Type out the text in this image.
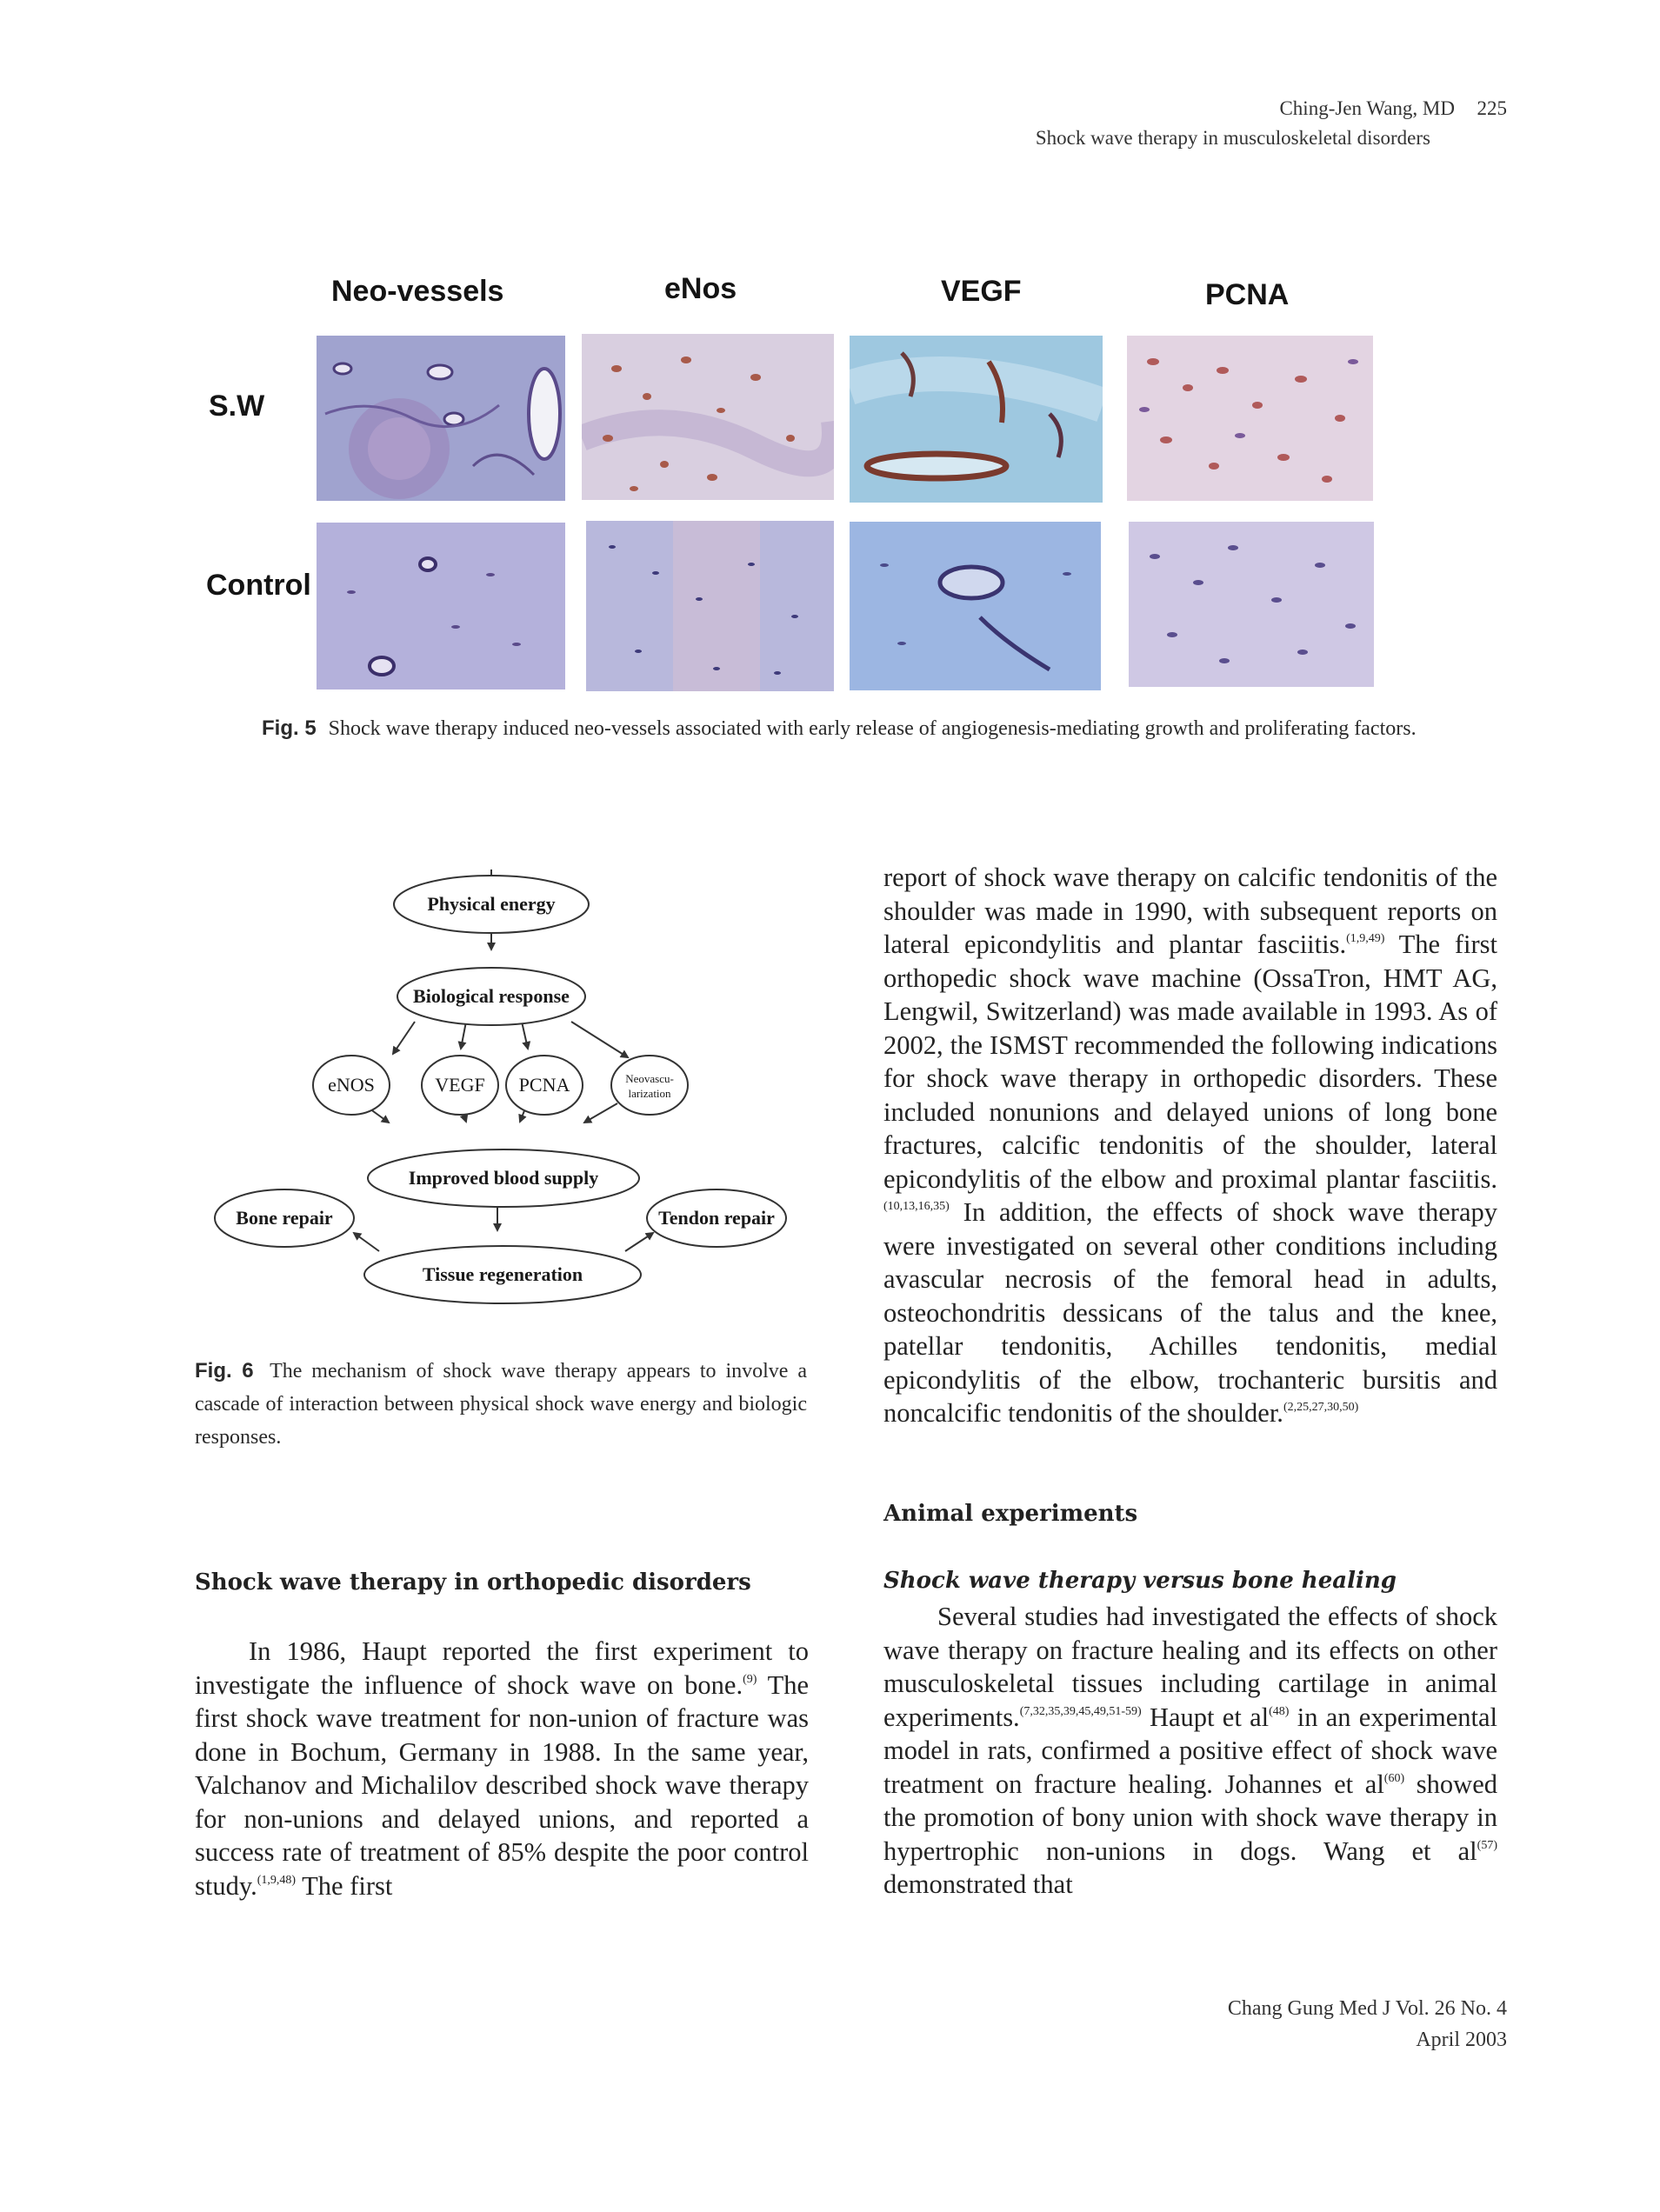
Ching-Jen Wang, MD 225
Shock wave therapy in musculoskeletal disorders
Neo-vessels	eNos	VEGF	PCNA
S.W
Control
Fig. 5 Shock wave therapy induced neo-vessels associated with early release of angiogenesis-mediating growth and proliferating factors.
Physical energy
Biological response
eNOS	VEGF PCNA	Neovascu-
larization
Improved blood supply
Bone repair	Tendon repair
Tissue regeneration
Fig. 6 The mechanism of shock wave therapy appears to involve a cascade of interaction between physical shock wave energy and biologic responses.
Shock wave therapy in orthopedic disorders

In 1986, Haupt reported the first experiment to investigate the influence of shock wave on bone.$^{(9)}$ The first shock wave treatment for non-union of fracture was done in Bochum, Germany in 1988. In the same year, Valchanov and Michalilov described shock wave therapy for non-unions and delayed unions, and reported a success rate of treatment of 85% despite the poor control study.$^{(1,9,48)}$ The first

report of shock wave therapy on calcific tendonitis of the shoulder was made in 1990, with subsequent reports on lateral epicondylitis and plantar fasciitis.$^{(1,9,49)}$ The first orthopedic shock wave machine (OssaTron, HMT AG, Lengwil, Switzerland) was made available in 1993. As of 2002, the ISMST recommended the following indications for shock wave therapy in orthopedic disorders. These included nonunions and delayed unions of long bone fractures, calcific tendonitis of the shoulder, lateral epicondylitis of the elbow and proximal plantar fasciitis.$^{(10,13,16,35)}$ In addition, the effects of shock wave therapy were investigated on several other conditions including avascular necrosis of the femoral head in adults, osteochondritis dessicans of the talus and the knee, patellar tendonitis, Achilles tendonitis, medial epicondylitis of the elbow, trochanteric bursitis and noncalcific tendonitis of the shoulder.$^{(2,25,27,30,50)}$

Animal experiments
Shock wave therapy versus bone healing

Several studies had investigated the effects of shock wave therapy on fracture healing and its effects on other musculoskeletal tissues including cartilage in animal experiments.$^{(7,32,35,39,45,49,51-59)}$ Haupt et al$^{(48)}$ in an experimental model in rats, confirmed a positive effect of shock wave treatment on fracture healing. Johannes et al$^{(60)}$ showed the promotion of bony union with shock wave therapy in hypertrophic non-unions in dogs. Wang et al$^{(57)}$ demonstrated that

Chang Gung Med J Vol. 26 No. 4
April 2003
